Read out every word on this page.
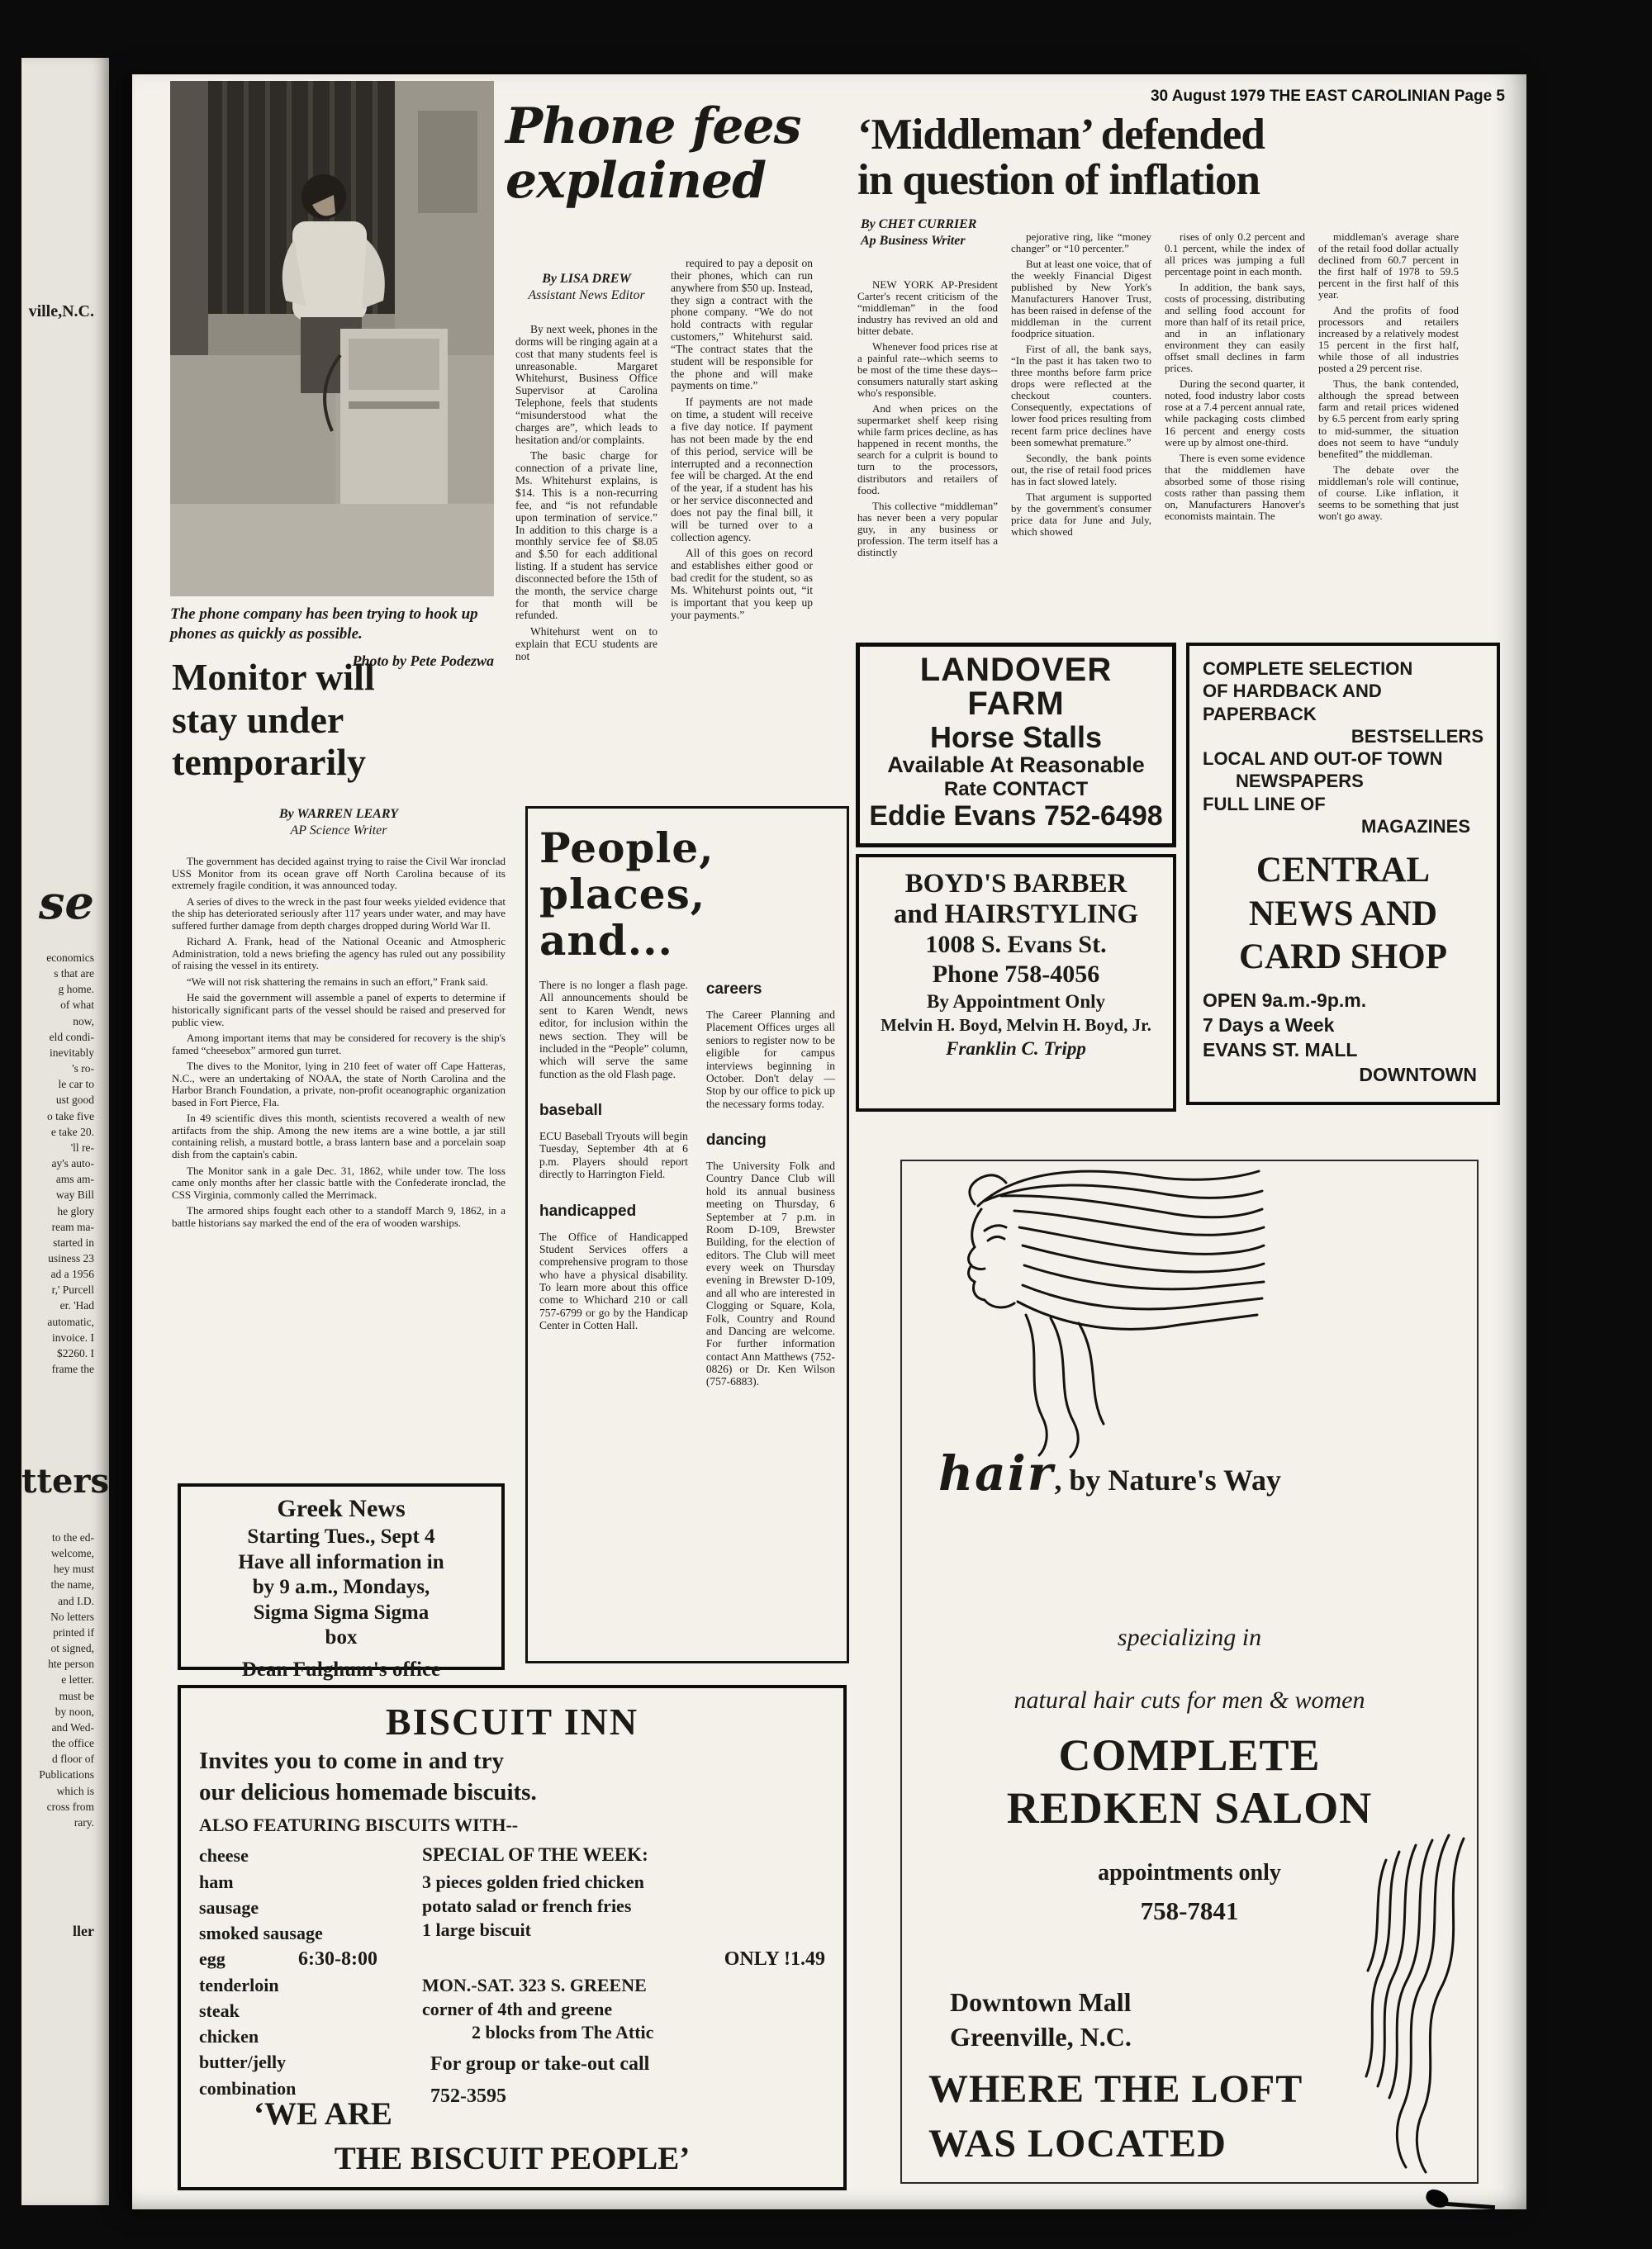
ville,N.C.
se
economics
s that are
g home.
of what
now,
eld condi-
inevitably
's ro-
le car to
ust good
o take five
e take 20.
'll re-
ay's auto-
ams am-
way Bill
he glory
ream ma-
started in
usiness 23
ad a 1956
r,' Purcell
er. 'Had
automatic,
invoice. I
$2260. I
frame the
tters
to the ed-
welcome,
hey must
the name,
and I.D.
No letters
printed if
ot signed,
hte person
e letter.
must be
by noon,
and Wed-
the office
d floor of
Publications
which is
cross from
rary.
ller
30 August 1979 THE EAST CAROLINIAN Page 5
The phone company has been trying to hook up phones as quickly as possible.
Photo by Pete Podezwa
Phone fees
explained
By LISA DREW
Assistant News Editor

By next week, phones in the dorms will be ringing again at a cost that many students feel is unreasonable. Margaret Whitehurst, Business Office Supervisor at Carolina Telephone, feels that students “misunderstood what the charges are”, which leads to hesitation and/or complaints.

The basic charge for connection of a private line, Ms. Whitehurst explains, is $14. This is a non-recurring fee, and “is not refundable upon termination of service.” In addition to this charge is a monthly service fee of $8.05 and $.50 for each additional listing. If a student has service disconnected before the 15th of the month, the service charge for that month will be refunded.

Whitehurst went on to explain that ECU students are not

required to pay a deposit on their phones, which can run anywhere from $50 up. Instead, they sign a contract with the phone company. “We do not hold contracts with regular customers,” Whitehurst said. “The contract states that the student will be responsible for the phone and will make payments on time.”

If payments are not made on time, a student will receive a five day notice. If payment has not been made by the end of this period, service will be interrupted and a reconnection fee will be charged. At the end of the year, if a student has his or her service disconnected and does not pay the final bill, it will be turned over to a collection agency.

All of this goes on record and establishes either good or bad credit for the student, so as Ms. Whitehurst points out, “it is important that you keep up your payments.”

‘Middleman’ defended
in question of inflation
By CHET CURRIER
Ap Business Writer

NEW YORK AP-President Carter's recent criticism of the “middleman” in the food industry has revived an old and bitter debate.

Whenever food prices rise at a painful rate--which seems to be most of the time these days--consumers naturally start asking who's responsible.

And when prices on the supermarket shelf keep rising while farm prices decline, as has happened in recent months, the search for a culprit is bound to turn to the processors, distributors and retailers of food.

This collective “middleman” has never been a very popular guy, in any business or profession. The term itself has a distinctly

pejorative ring, like “money changer” or “10 percenter.”

But at least one voice, that of the weekly Financial Digest published by New York's Manufacturers Hanover Trust, has been raised in defense of the middleman in the current foodprice situation.

First of all, the bank says, “In the past it has taken two to three months before farm price drops were reflected at the checkout counters. Consequently, expectations of lower food prices resulting from recent farm price declines have been somewhat premature.”

Secondly, the bank points out, the rise of retail food prices has in fact slowed lately.

That argument is supported by the government's consumer price data for June and July, which showed

rises of only 0.2 percent and 0.1 percent, while the index of all prices was jumping a full percentage point in each month.

In addition, the bank says, costs of processing, distributing and selling food account for more than half of its retail price, and in an inflationary environment they can easily offset small declines in farm prices.

During the second quarter, it noted, food industry labor costs rose at a 7.4 percent annual rate, while packaging costs climbed 16 percent and energy costs were up by almost one-third.

There is even some evidence that the middlemen have absorbed some of those rising costs rather than passing them on, Manufacturers Hanover's economists maintain. The

middleman's average share of the retail food dollar actually declined from 60.7 percent in the first half of 1978 to 59.5 percent in the first half of this year.

And the profits of food processors and retailers increased by a relatively modest 15 percent in the first half, while those of all industries posted a 29 percent rise.

Thus, the bank contended, although the spread between farm and retail prices widened by 6.5 percent from early spring to mid-summer, the situation does not seem to have “unduly benefited” the middleman.

The debate over the middleman's role will continue, of course. Like inflation, it seems to be something that just won't go away.

LANDOVER
FARM
Horse Stalls
Available At Reasonable
Rate CONTACT
Eddie Evans 752-6498
BOYD'S BARBER
and HAIRSTYLING
1008 S. Evans St.
Phone 758-4056
By Appointment Only
Melvin H. Boyd, Melvin H. Boyd, Jr.
Franklin C. Tripp
COMPLETE SELECTION
OF HARDBACK AND
PAPERBACK
BESTSELLERS
LOCAL AND OUT-OF TOWN
NEWSPAPERS
FULL LINE OF
MAGAZINES
CENTRAL
NEWS AND
CARD SHOP
OPEN 9a.m.-9p.m.
7 Days a Week
EVANS ST. MALL
DOWNTOWN
Monitor will
stay under
temporarily
By WARREN LEARY
AP Science Writer

The government has decided against trying to raise the Civil War ironclad USS Monitor from its ocean grave off North Carolina because of its extremely fragile condition, it was announced today.

A series of dives to the wreck in the past four weeks yielded evidence that the ship has deteriorated seriously after 117 years under water, and may have suffered further damage from depth charges dropped during World War II.

Richard A. Frank, head of the National Oceanic and Atmospheric Administration, told a news briefing the agency has ruled out any possibility of raising the vessel in its entirety.

“We will not risk shattering the remains in such an effort,” Frank said.

He said the government will assemble a panel of experts to determine if historically significant parts of the vessel should be raised and preserved for public view.

Among important items that may be considered for recovery is the ship's famed “cheesebox” armored gun turret.

The dives to the Monitor, lying in 210 feet of water off Cape Hatteras, N.C., were an undertaking of NOAA, the state of North Carolina and the Harbor Branch Foundation, a private, non-profit oceanographic organization based in Fort Pierce, Fla.

In 49 scientific dives this month, scientists recovered a wealth of new artifacts from the ship. Among the new items are a wine bottle, a jar still containing relish, a mustard bottle, a brass lantern base and a porcelain soap dish from the captain's cabin.

The Monitor sank in a gale Dec. 31, 1862, while under tow. The loss came only months after her classic battle with the Confederate ironclad, the CSS Virginia, commonly called the Merrimack.

The armored ships fought each other to a standoff March 9, 1862, in a battle historians say marked the end of the era of wooden warships.

People,
places,
and...
There is no longer a flash page. All announcements should be sent to Karen Wendt, news editor, for inclusion within the news section. They will be included in the “People” column, which will serve the same function as the old Flash page.
baseball
ECU Baseball Tryouts will begin Tuesday, September 4th at 6 p.m. Players should report directly to Harrington Field.
handicapped
The Office of Handicapped Student Services offers a comprehensive program to those who have a physical disability. To learn more about this office come to Whichard 210 or call 757-6799 or go by the Handicap Center in Cotten Hall.
careers
The Career Planning and Placement Offices urges all seniors to register now to be eligible for campus interviews beginning in October. Don't delay — Stop by our office to pick up the necessary forms today.
dancing
The University Folk and Country Dance Club will hold its annual business meeting on Thursday, 6 September at 7 p.m. in Room D-109, Brewster Building, for the election of editors. The Club will meet every week on Thursday evening in Brewster D-109, and all who are interested in Clogging or Square, Kola, Folk, Country and Round and Dancing are welcome. For further information contact Ann Matthews (752-0826) or Dr. Ken Wilson (757-6883).
Greek News
Starting Tues., Sept 4
Have all information in
by 9 a.m., Mondays,
Sigma Sigma Sigma
box
Dean Fulghum's office
BISCUIT INN
Invites you to come in and try
our delicious homemade biscuits.
ALSO FEATURING BISCUITS WITH--
cheese
ham
sausage
smoked sausage
egg
tenderloin
steak
chicken
butter/jelly
combination
SPECIAL OF THE WEEK:
3 pieces golden fried chicken
potato salad or french fries
1 large biscuit
6:30-8:00	ONLY !1.49
MON.-SAT. 323 S. GREENE
corner of 4th and greene
2 blocks from The Attic
For group or take-out call
752-3595
‘WE ARE
THE BISCUIT PEOPLE’
hair, by Nature's Way
specializing in
natural hair cuts for men & women
COMPLETE
REDKEN SALON
appointments only
758-7841
Downtown Mall
Greenville, N.C.
WHERE THE LOFT
WAS LOCATED
